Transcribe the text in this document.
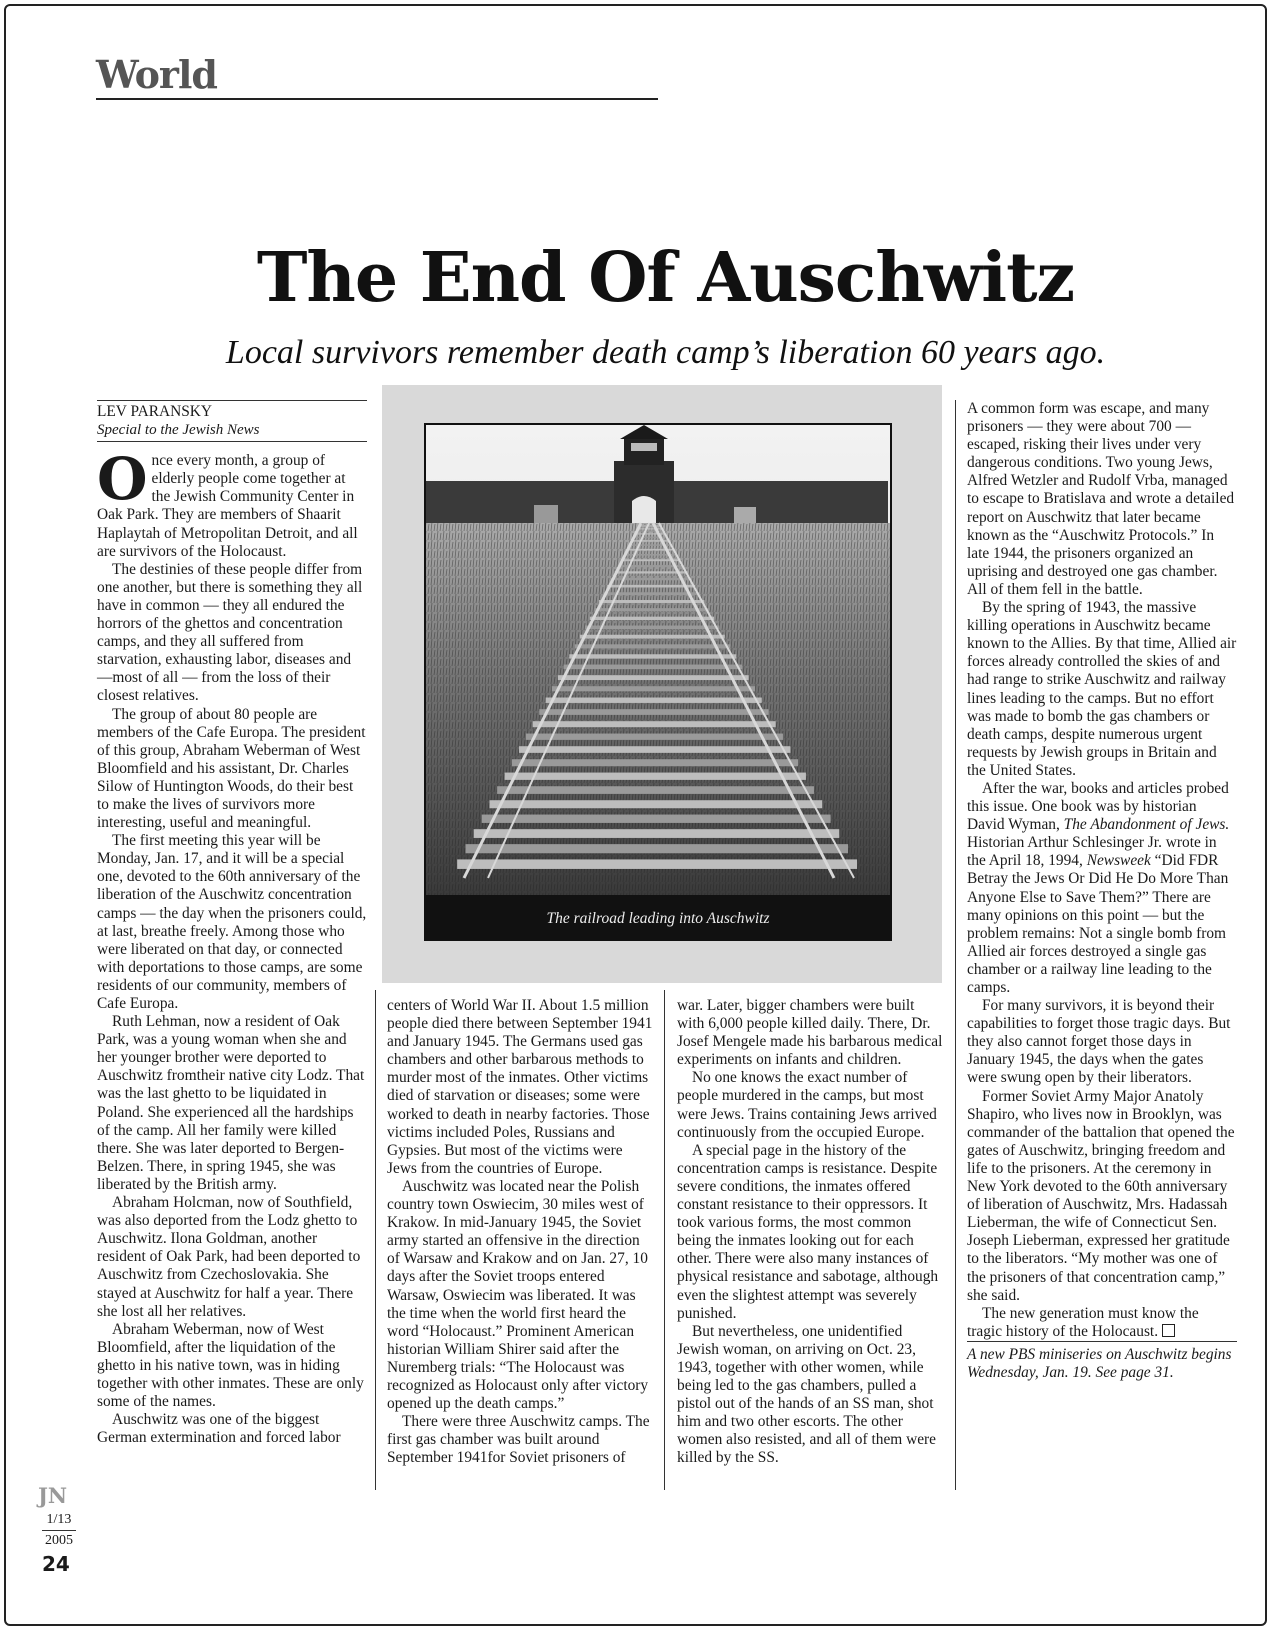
World
The End Of Auschwitz
Local survivors remember death camp’s liberation 60 years ago.
LEV PARANSKY
Special to the Jewish News
O nce every month, a group of elderly people come together at the Jewish Community Center in Oak Park. They are members of Shaarit Haplaytah of Metropolitan Detroit, and all are survivors of the Holocaust.

The destinies of these people differ from one another, but there is something they all have in common — they all endured the horrors of the ghettos and concentration camps, and they all suffered from starvation, exhausting labor, diseases and —most of all — from the loss of their closest relatives.

The group of about 80 people are members of the Cafe Europa. The president of this group, Abraham Weberman of West Bloomfield and his assistant, Dr. Charles Silow of Huntington Woods, do their best to make the lives of survivors more interesting, useful and meaningful.

The first meeting this year will be Monday, Jan. 17, and it will be a special one, devoted to the 60th anniversary of the liberation of the Auschwitz concentration camps — the day when the prisoners could, at last, breathe freely. Among those who were liberated on that day, or connected with deportations to those camps, are some residents of our community, members of Cafe Europa.

Ruth Lehman, now a resident of Oak Park, was a young woman when she and her younger brother were deported to Auschwitz fromtheir native city Lodz. That was the last ghetto to be liquidated in Poland. She experienced all the hardships of the camp. All her family were killed there. She was later deported to Bergen-Belzen. There, in spring 1945, she was liberated by the British army.

Abraham Holcman, now of Southfield, was also deported from the Lodz ghetto to Auschwitz. Ilona Goldman, another resident of Oak Park, had been deported to Auschwitz from Czechoslovakia. She stayed at Auschwitz for half a year. There she lost all her relatives.

Abraham Weberman, now of West Bloomfield, after the liquidation of the ghetto in his native town, was in hiding together with other inmates. These are only some of the names.

Auschwitz was one of the biggest German extermination and forced labor

The railroad leading into Auschwitz

centers of World War II. About 1.5 million people died there between September 1941 and January 1945. The Germans used gas chambers and other barbarous methods to murder most of the inmates. Other victims died of starvation or diseases; some were worked to death in nearby factories. Those victims included Poles, Russians and Gypsies. But most of the victims were Jews from the countries of Europe.

Auschwitz was located near the Polish country town Oswiecim, 30 miles west of Krakow. In mid-January 1945, the Soviet army started an offensive in the direction of Warsaw and Krakow and on Jan. 27, 10 days after the Soviet troops entered Warsaw, Oswiecim was liberated. It was the time when the world first heard the word “Holocaust.” Prominent American historian William Shirer said after the Nuremberg trials: “The Holocaust was recognized as Holocaust only after victory opened up the death camps.”

There were three Auschwitz camps. The first gas chamber was built around September 1941for Soviet prisoners of

war. Later, bigger chambers were built with 6,000 people killed daily. There, Dr. Josef Mengele made his barbarous medical experiments on infants and children.

No one knows the exact number of people murdered in the camps, but most were Jews. Trains containing Jews arrived continuously from the occupied Europe.

A special page in the history of the concentration camps is resistance. Despite severe conditions, the inmates offered constant resistance to their oppressors. It took various forms, the most common being the inmates looking out for each other. There were also many instances of physical resistance and sabotage, although even the slightest attempt was severely punished.

But nevertheless, one unidentified Jewish woman, on arriving on Oct. 23, 1943, together with other women, while being led to the gas chambers, pulled a pistol out of the hands of an SS man, shot him and two other escorts. The other women also resisted, and all of them were killed by the SS.

A common form was escape, and many prisoners — they were about 700 — escaped, risking their lives under very dangerous conditions. Two young Jews, Alfred Wetzler and Rudolf Vrba, managed to escape to Bratislava and wrote a detailed report on Auschwitz that later became known as the “Auschwitz Protocols.” In late 1944, the prisoners organized an uprising and destroyed one gas chamber. All of them fell in the battle.

By the spring of 1943, the massive killing operations in Auschwitz became known to the Allies. By that time, Allied air forces already controlled the skies of and had range to strike Auschwitz and railway lines leading to the camps. But no effort was made to bomb the gas chambers or death camps, despite numerous urgent requests by Jewish groups in Britain and the United States.

After the war, books and articles probed this issue. One book was by historian David Wyman, The Abandonment of Jews. Historian Arthur Schlesinger Jr. wrote in the April 18, 1994, Newsweek “Did FDR Betray the Jews Or Did He Do More Than Anyone Else to Save Them?” There are many opinions on this point — but the problem remains: Not a single bomb from Allied air forces destroyed a single gas chamber or a railway line leading to the camps.

For many survivors, it is beyond their capabilities to forget those tragic days. But they also cannot forget those days in January 1945, the days when the gates were swung open by their liberators.

Former Soviet Army Major Anatoly Shapiro, who lives now in Brooklyn, was commander of the battalion that opened the gates of Auschwitz, bringing freedom and life to the prisoners. At the ceremony in New York devoted to the 60th anniversary of liberation of Auschwitz, Mrs. Hadassah Lieberman, the wife of Connecticut Sen. Joseph Lieberman, expressed her gratitude to the liberators. “My mother was one of the prisoners of that concentration camp,” she said.

The new generation must know the tragic history of the Holocaust.

A new PBS miniseries on Auschwitz begins Wednesday, Jan. 19. See page 31.

JN
1/13
2005
24
